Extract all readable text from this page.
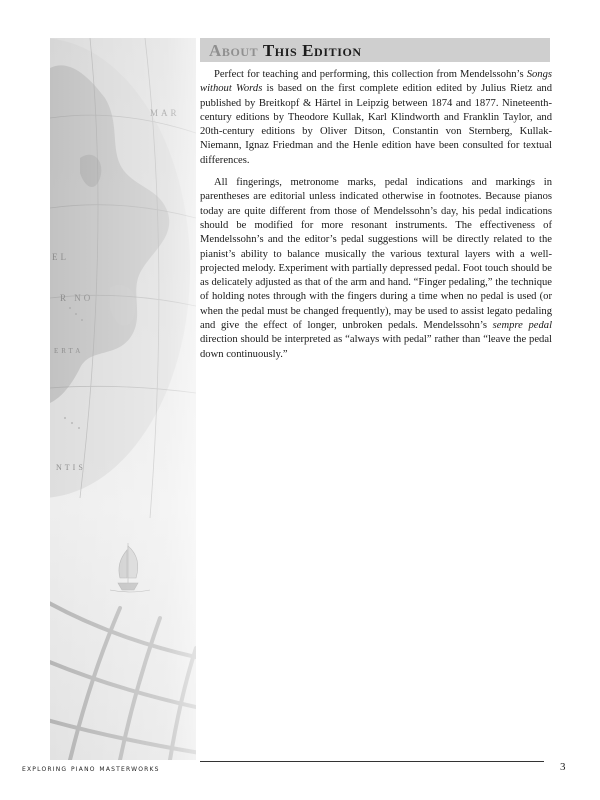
About This Edition

Perfect for teaching and performing, this collection from Mendelssohn’s Songs without Words is based on the first complete edition edited by Julius Rietz and published by Breitkopf & Härtel in Leipzig between 1874 and 1877. Nineteenth-century editions by Theodore Kullak, Karl Klindworth and Franklin Taylor, and 20th-century editions by Oliver Ditson, Constantin von Sternberg, Kullak-Niemann, Ignaz Friedman and the Henle edition have been consulted for textual differences.

All fingerings, metronome marks, pedal indications and markings in parentheses are editorial unless indicated otherwise in footnotes. Because pianos today are quite different from those of Mendelssohn’s day, his pedal indications should be modified for more resonant instruments. The effectiveness of Mendelssohn’s and the editor’s pedal suggestions will be directly related to the pianist’s ability to balance musically the various textural layers with a well-projected melody. Experiment with partially depressed pedal. Foot touch should be as delicately adjusted as that of the arm and hand. “Finger pedaling,” the technique of holding notes through with the fingers during a time when no pedal is used (or when the pedal must be changed frequently), may be used to assist legato pedaling and give the effect of longer, unbroken pedals. Mendelssohn’s sempre pedal direction should be interpreted as “always with pedal” rather than “leave the pedal down continuously.”

exploring piano masterworks	3
